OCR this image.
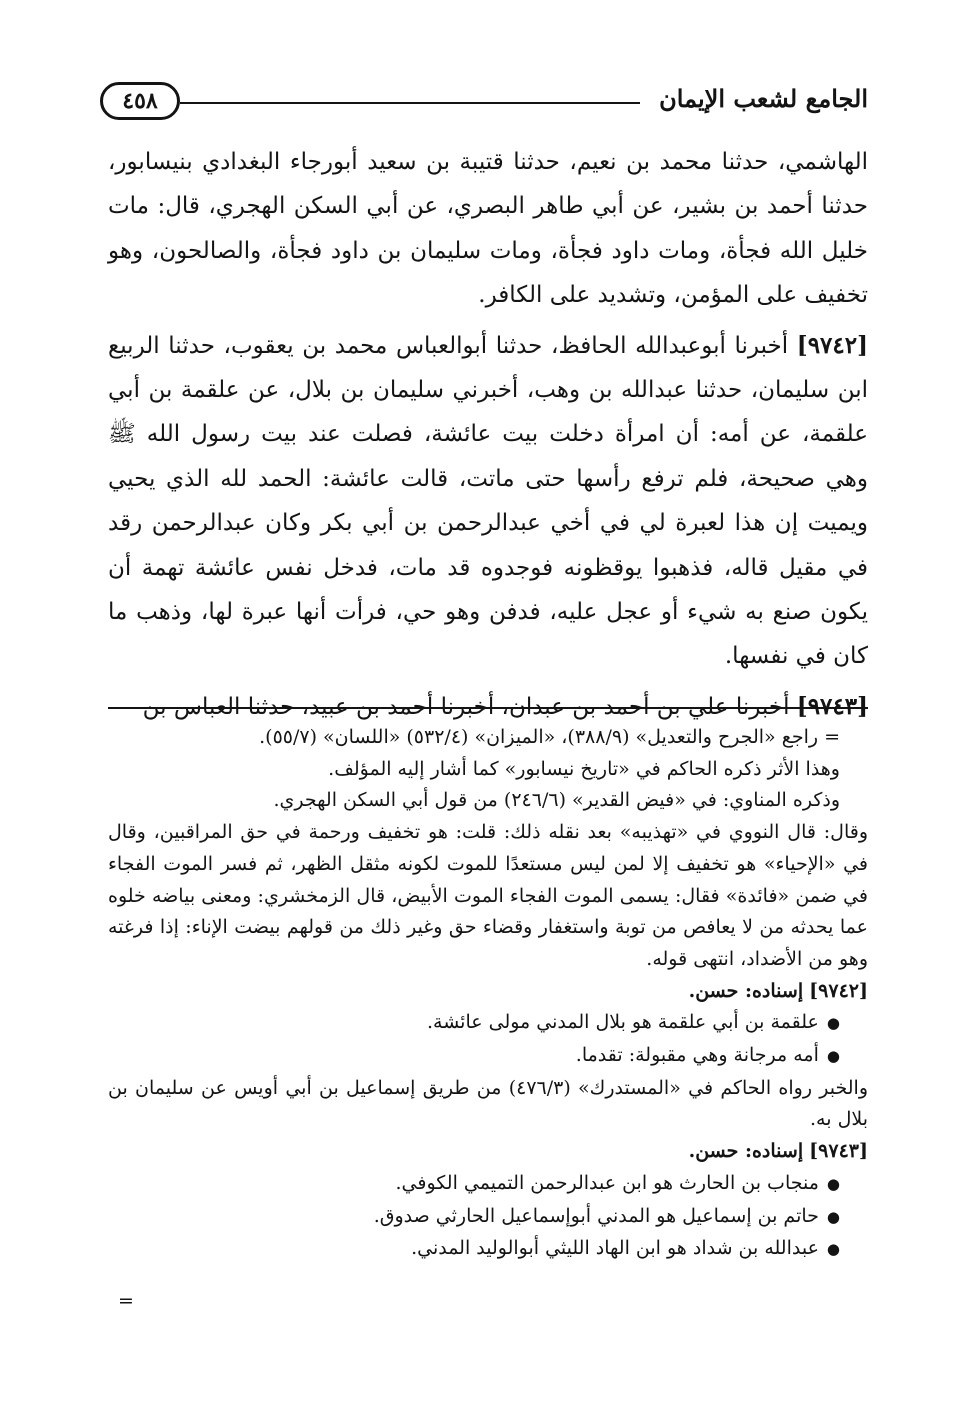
٤٥٨	الجامع لشعب الإيمان

الهاشمي، حدثنا محمد بن نعيم، حدثنا قتيبة بن سعيد أبورجاء البغدادي بنيسابور، حدثنا أحمد بن بشير، عن أبي طاهر البصري، عن أبي السكن الهجري، قال: مات خليل الله فجأة، ومات داود فجأة، ومات سليمان بن داود فجأة، والصالحون، وهو تخفيف على المؤمن، وتشديد على الكافر.

[٩٧٤٢] أخبرنا أبوعبدالله الحافظ، حدثنا أبوالعباس محمد بن يعقوب، حدثنا الربيع ابن سليمان، حدثنا عبدالله بن وهب، أخبرني سليمان بن بلال، عن علقمة بن أبي علقمة، عن أمه: أن امرأة دخلت بيت عائشة، فصلت عند بيت رسول الله ﷺ وهي صحيحة، فلم ترفع رأسها حتى ماتت، قالت عائشة: الحمد لله الذي يحيي ويميت إن هذا لعبرة لي في أخي عبدالرحمن بن أبي بكر وكان عبدالرحمن رقد في مقيل قاله، فذهبوا يوقظونه فوجدوه قد مات، فدخل نفس عائشة تهمة أن يكون صنع به شيء أو عجل عليه، فدفن وهو حي، فرأت أنها عبرة لها، وذهب ما كان في نفسها.

[٩٧٤٣] أخبرنا علي بن أحمد بن عبدان، أخبرنا أحمد بن عبيد، حدثنا العباس بن

= راجع «الجرح والتعديل» (٣٨٨/٩)، «الميزان» (٥٣٢/٤) «اللسان» (٥٥/٧).

وهذا الأثر ذكره الحاكم في «تاريخ نيسابور» كما أشار إليه المؤلف.

وذكره المناوي: في «فيض القدير» (٢٤٦/٦) من قول أبي السكن الهجري.

وقال: قال النووي في «تهذيبه» بعد نقله ذلك: قلت: هو تخفيف ورحمة في حق المراقبين، وقال في «الإحياء» هو تخفيف إلا لمن ليس مستعدًا للموت لكونه مثقل الظهر، ثم فسر الموت الفجاء في ضمن «فائدة» فقال: يسمى الموت الفجاء الموت الأبيض، قال الزمخشري: ومعنى بياضه خلوه عما يحدثه من لا يعافص من توبة واستغفار وقضاء حق وغير ذلك من قولهم بيضت الإناء: إذا فرغته وهو من الأضداد، انتهى قوله.

[٩٧٤٢] إسناده: حسن.

●علقمة بن أبي علقمة هو بلال المدني مولى عائشة.
●أمه مرجانة وهي مقبولة: تقدما.

والخبر رواه الحاكم في «المستدرك» (٤٧٦/٣) من طريق إسماعيل بن أبي أويس عن سليمان بن بلال به.

[٩٧٤٣] إسناده: حسن.

●منجاب بن الحارث هو ابن عبدالرحمن التميمي الكوفي.
●حاتم بن إسماعيل هو المدني أبوإسماعيل الحارثي صدوق.
●عبدالله بن شداد هو ابن الهاد الليثي أبوالوليد المدني.
=
